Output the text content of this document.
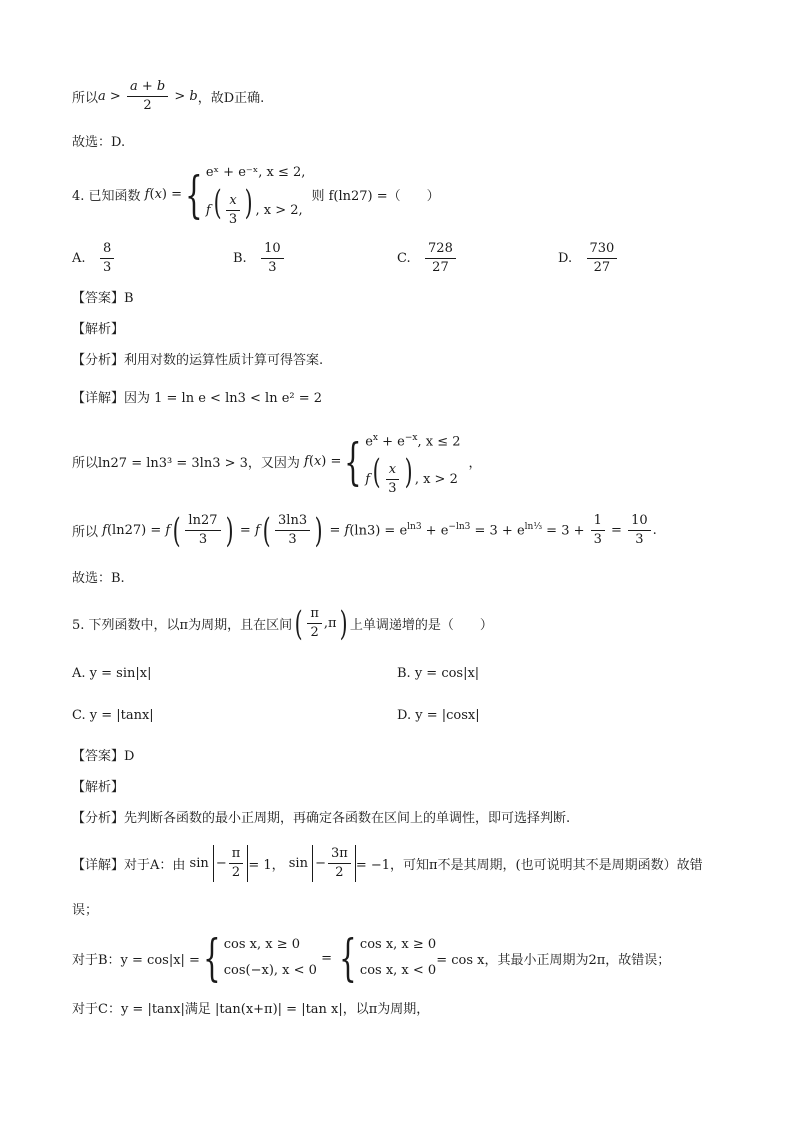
所以 $a > \frac{a + b}{2} > b$ ，故D正确.
故选：D.
4. 已知函数 f ( x ) = { eˣ + e⁻ˣ, x ≤ 2,
$f( \frac{x}{3}$ ) , x > 2,
则 f(ln27) =（　　）
A.
$\frac{8}{3}$	B.
$\frac{10}{3}$	C.
$\frac{728}{27}$	D.
$\frac{730}{27}$
【答案】B
【解析】
【分析】利用对数的运算性质计算可得答案.
【详解】因为 1 = ln e < ln3 < ln e² = 2
所以ln27 = ln3³ = 3ln3 > 3，又因为 f ( x ) = { $e^x + e^{-x}$, x ≤ 2
$f( \frac{x}{3}$ ) , x > 2
，
所以 f (ln27) = f ( $\frac{\ln 27}{3}$ ) = f ( $\frac{3\ln 3}{3}$ ) = f $(\ln 3) = e^{ln3} + e^{-ln3} = 3 + e^{ln\frac{1}{3}} = 3 + \frac{1}{3} = \frac{10}{3}$ .
故选：B.
5. 下列函数中，以π为周期，且在区间 ( $\frac{\pi}{2} ,\pi$ ) 上单调递增的是（　　）
A. y = sin|x|	B. y = cos|x|
C. y = |tanx|	D. y = |cosx|
【答案】D
【解析】
【分析】先判断各函数的最小正周期，再确定各函数在区间上的单调性，即可选择判断.
【详解】对于A：由 $\sin - \frac{\pi}{2} = 1$， $\sin - \frac{3\pi}{2} = -1$，可知π不是其周期，(也可说明其不是周期函数）故错
误；
对于B：y = cos|x| = { cos x, x ≥ 0
cos(−x), x < 0
= { cos x, x ≥ 0
cos x, x < 0
= cos x，其最小正周期为2π，故错误；
对于C：y = |tanx|满足 |tan(x+π)| = |tan x|，以π为周期，
